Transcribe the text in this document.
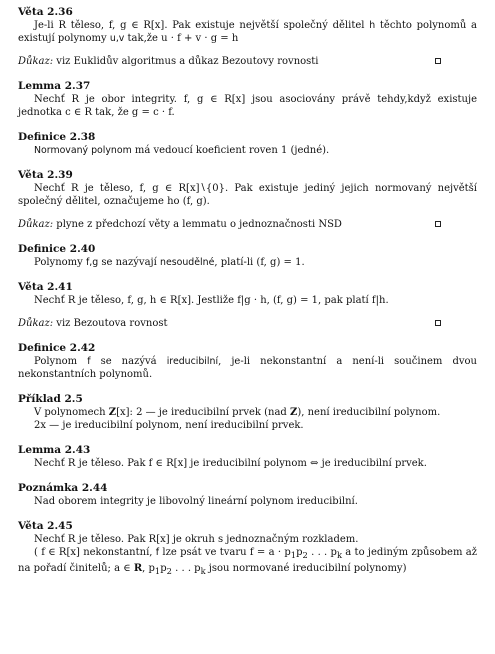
Věta 2.36

Je-li R těleso, f, g ∈ R[x]. Pak existuje největší společný dělitel h těchto polynomů a existují polynomy u,v tak,že u · f + v · g = h

Důkaz: viz Euklidův algoritmus a důkaz Bezoutovy rovnosti

Lemma 2.37

Nechť R je obor integrity. f, g ∈ R[x] jsou asociovány právě tehdy,když existuje jednotka c ∈ R tak, že g = c · f.

Definice 2.38

Normovaný polynom má vedoucí koeficient roven 1 (jedné).

Věta 2.39

Nechť R je těleso, f, g ∈ R[x]∖{0}. Pak existuje jediný jejich normovaný největší společný dělitel, označujeme ho (f, g).

Důkaz: plyne z předchozí věty a lemmatu o jednoznačnosti NSD

Definice 2.40

Polynomy f,g se nazývají nesoudělné, platí-li (f, g) = 1.

Věta 2.41

Nechť R je těleso, f, g, h ∈ R[x]. Jestliže f|g · h, (f, g) = 1, pak platí f|h.

Důkaz: viz Bezoutova rovnost

Definice 2.42

Polynom f se nazývá ireducibilní, je-li nekonstantní a není-li součinem dvou nekonstantních polynomů.

Příklad 2.5

V polynomech Z[x]: 2 — je ireducibilní prvek (nad Z), není ireducibilní polynom.

2x — je ireducibilní polynom, není ireducibilní prvek.

Lemma 2.43

Nechť R je těleso. Pak f ∈ R[x] je ireducibilní polynom ⇔ je ireducibilní prvek.

Poznámka 2.44

Nad oborem integrity je libovolný lineární polynom ireducibilní.

Věta 2.45

Nechť R je těleso. Pak R[x] je okruh s jednoznačným rozkladem.

( f ∈ R[x] nekonstantní, f lze psát ve tvaru $f = a \cdot p_1p_2$ . . . $p_k$ a to jediným způsobem až na pořadí činitelů; a ∈ R, $p_1p_2$ . . . $p_k$ jsou normované ireducibilní polynomy)
